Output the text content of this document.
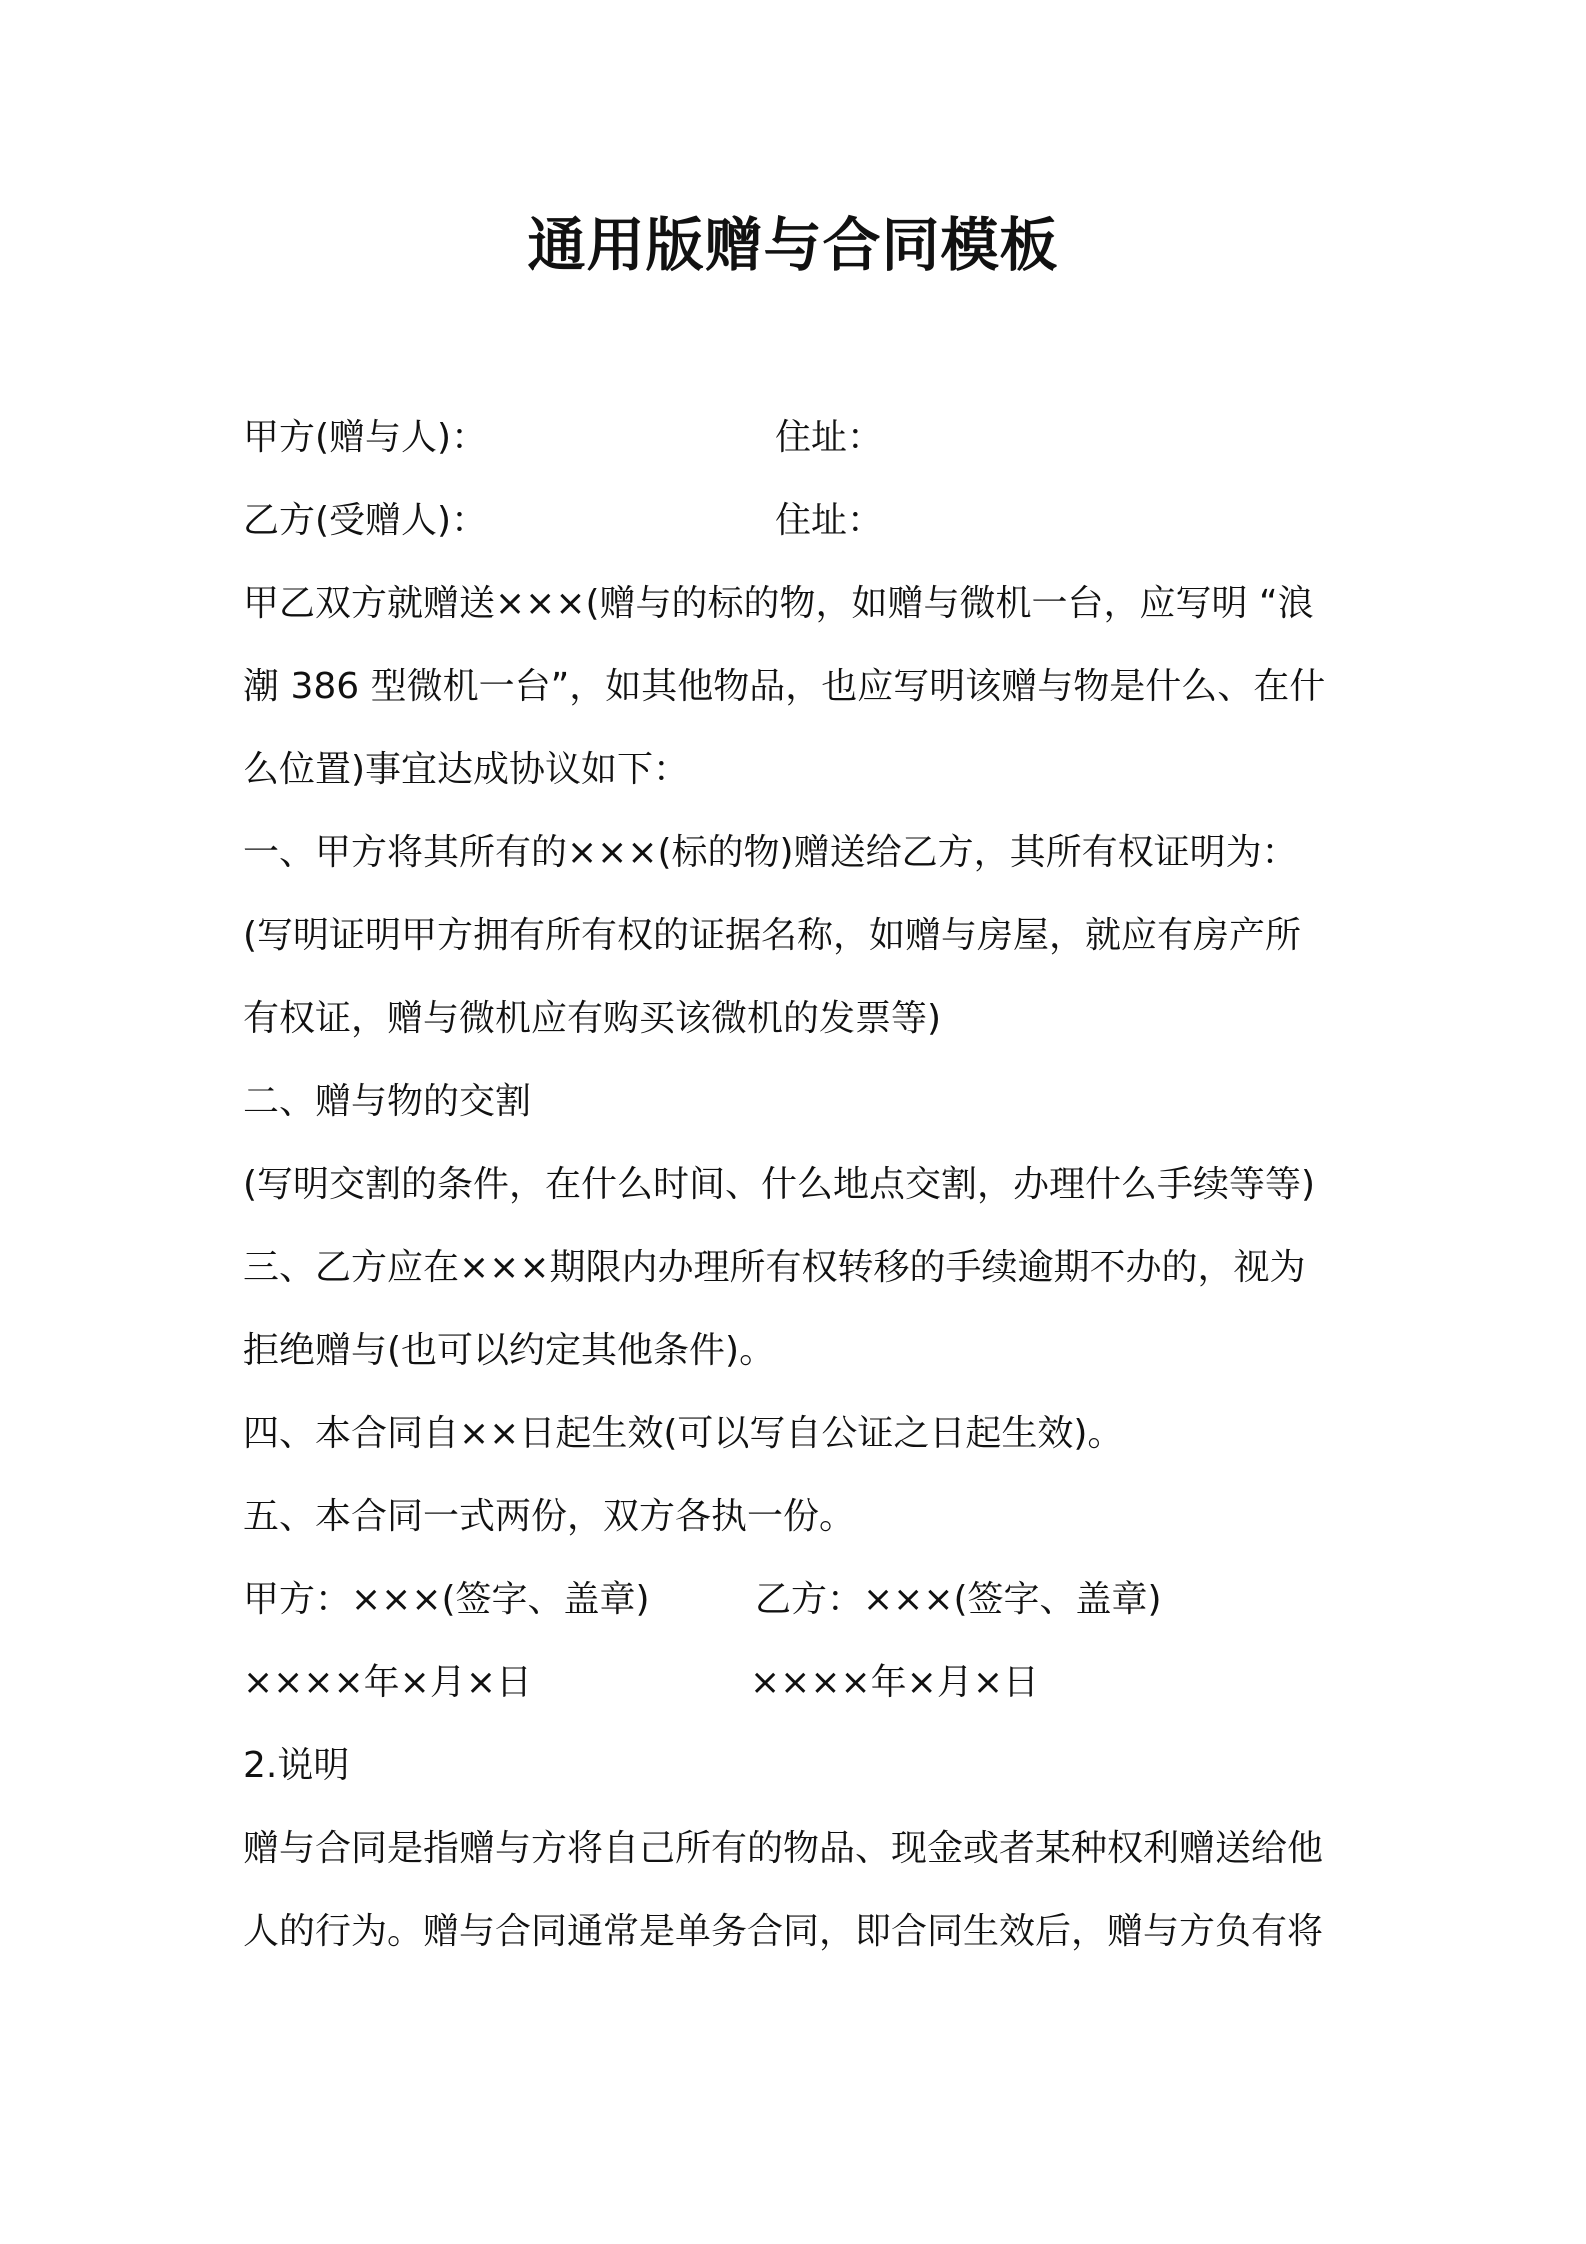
通用版赠与合同模板
甲方(赠与人)：	住址：
乙方(受赠人)：	住址：
甲乙双方就赠送×××(赠与的标的物，如赠与微机一台，应写明 “浪
潮 386 型微机一台”，如其他物品，也应写明该赠与物是什么、在什
么位置)事宜达成协议如下：
一、甲方将其所有的×××(标的物)赠送给乙方，其所有权证明为：
(写明证明甲方拥有所有权的证据名称，如赠与房屋，就应有房产所
有权证，赠与微机应有购买该微机的发票等)
二、赠与物的交割
(写明交割的条件，在什么时间、什么地点交割，办理什么手续等等)
三、乙方应在×××期限内办理所有权转移的手续逾期不办的，视为
拒绝赠与(也可以约定其他条件)。
四、本合同自××日起生效(可以写自公证之日起生效)。
五、本合同一式两份，双方各执一份。
甲方：×××(签字、盖章)	乙方：×××(签字、盖章)
××××年×月×日	××××年×月×日
2.说明
赠与合同是指赠与方将自己所有的物品、现金或者某种权利赠送给他
人的行为。赠与合同通常是单务合同，即合同生效后，赠与方负有将
